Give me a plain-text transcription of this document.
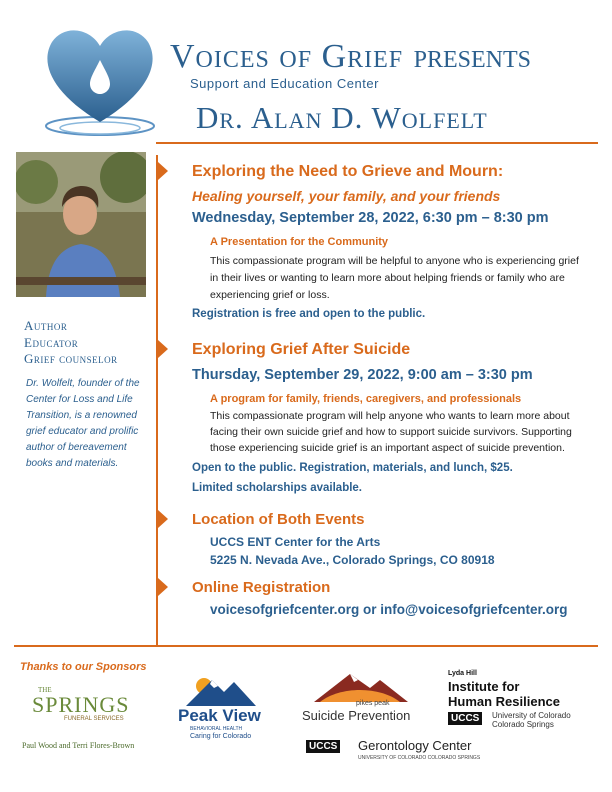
Voices of Grief PRESENTS
Support and Education Center
Dr. Alan D. Wolfelt
Author
Educator
Grief counselor
Dr. Wolfelt, founder of the Center for Loss and Life Transition, is a renowned grief educator and prolific author of bereavement books and materials.
Exploring the Need to Grieve and Mourn:
Healing yourself, your family, and your friends
Wednesday, September 28, 2022, 6:30 pm – 8:30 pm
A Presentation for the Community
This compassionate program will be helpful to anyone who is experiencing grief
in their lives or wanting to learn more about helping friends or family who are
experiencing grief or loss.
Registration is free and open to the public.
Exploring Grief After Suicide
Thursday, September 29, 2022, 9:00 am – 3:30 pm
A program for family, friends, caregivers, and professionals
This compassionate program will help anyone who wants to learn more about
facing their own suicide grief and how to support suicide survivors. Supporting
those experiencing suicide grief is an important aspect of suicide prevention.
Open to the public. Registration, materials, and lunch, $25.
Limited scholarships available.
Location of Both Events
UCCS ENT Center for the Arts
5225 N. Nevada Ave., Colorado Springs, CO 80918
Online Registration
voicesofgriefcenter.org or info@voicesofgriefcenter.org
Thanks to our Sponsors
THE
SPRINGS
FUNERAL SERVICES
Paul Wood and Terri Flores-Brown
Peak View
BEHAVIORAL HEALTH
Caring for Colorado
pikes peak
Suicide Prevention
Lyda Hill
Institute for
Human Resilience
UCCS	University of Colorado
Colorado Springs
UCCS Gerontology Center
UNIVERSITY OF COLORADO COLORADO SPRINGS
